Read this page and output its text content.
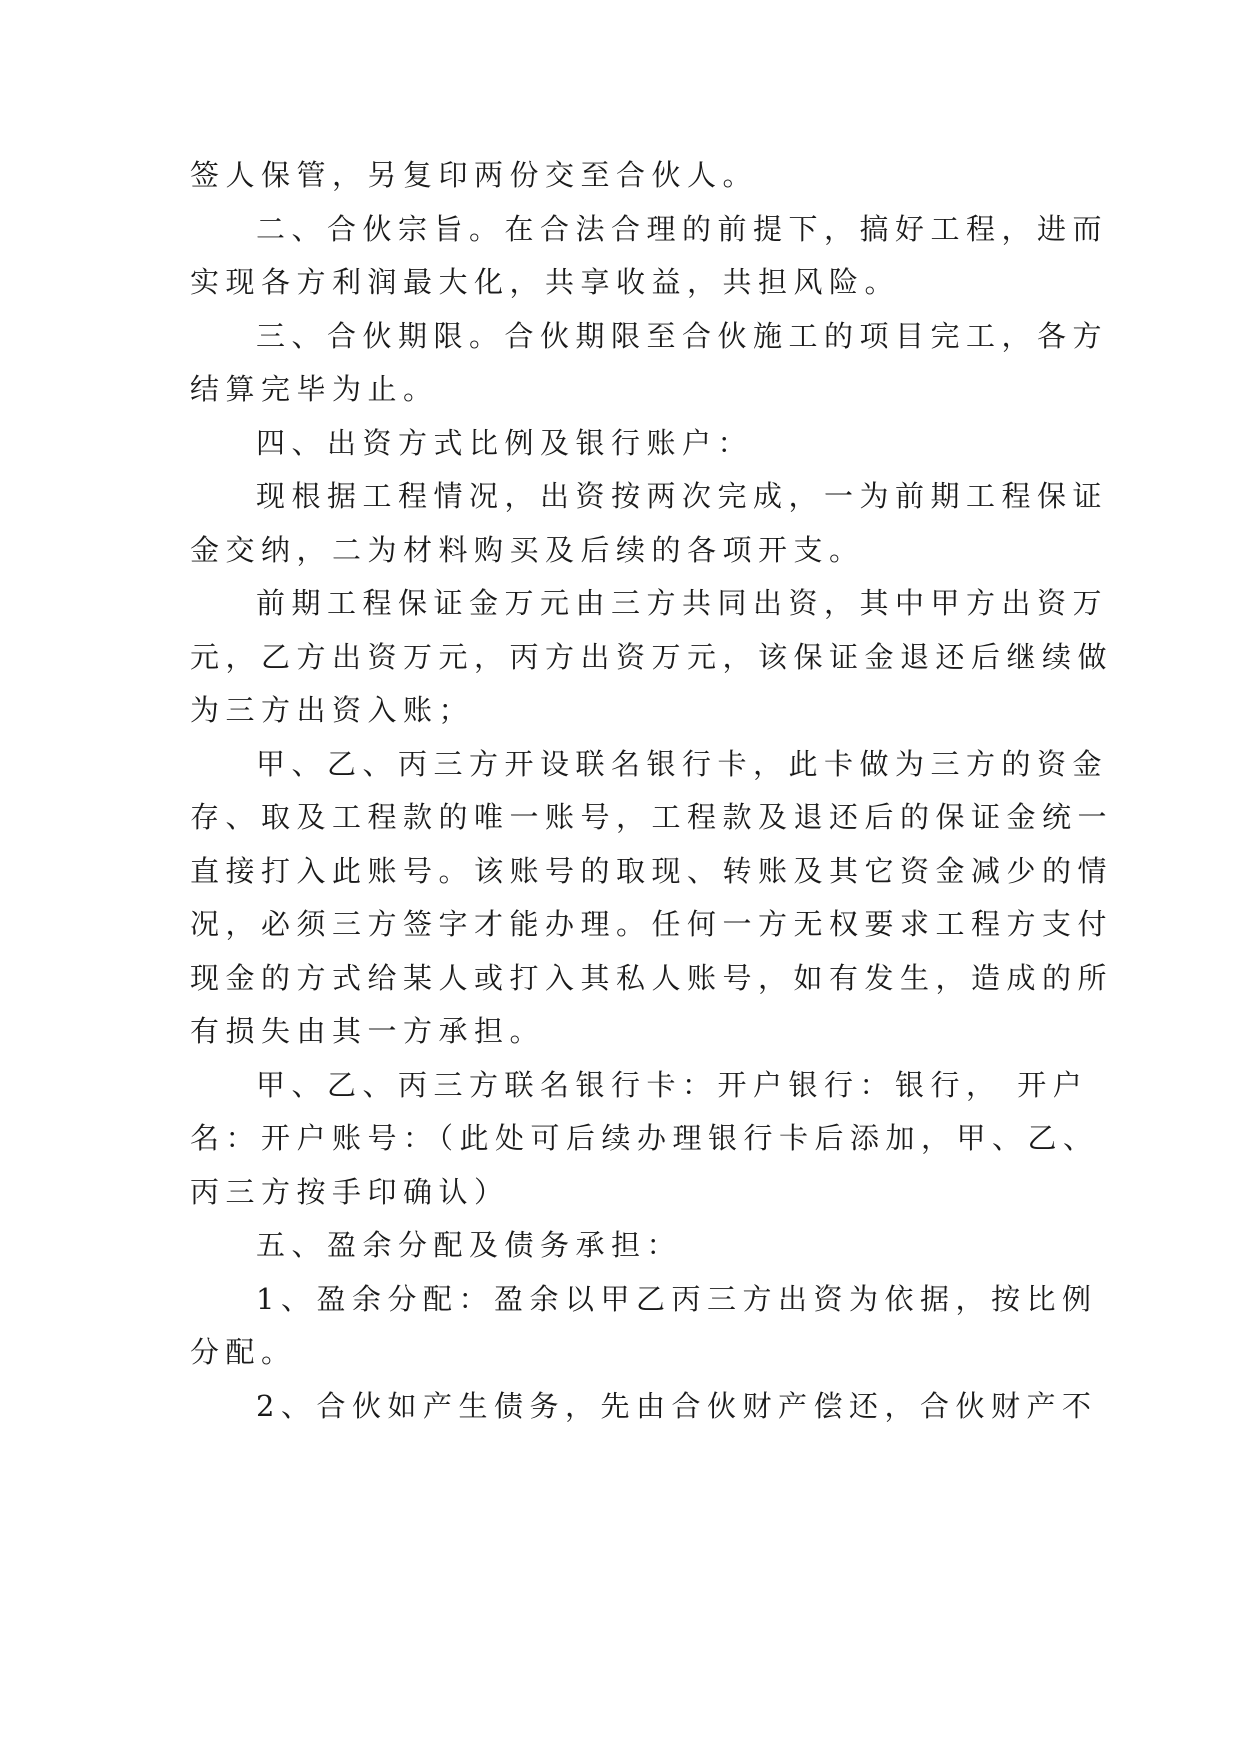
签人保管，另复印两份交至合伙人。
二、合伙宗旨。在合法合理的前提下，搞好工程，进而
实现各方利润最大化，共享收益，共担风险。
三、合伙期限。合伙期限至合伙施工的项目完工，各方
结算完毕为止。
四、出资方式比例及银行账户：
现根据工程情况，出资按两次完成，一为前期工程保证
金交纳，二为材料购买及后续的各项开支。
前期工程保证金万元由三方共同出资，其中甲方出资万
元，乙方出资万元，丙方出资万元，该保证金退还后继续做
为三方出资入账；
甲、乙、丙三方开设联名银行卡，此卡做为三方的资金
存、取及工程款的唯一账号，工程款及退还后的保证金统一
直接打入此账号。该账号的取现、转账及其它资金减少的情
况，必须三方签字才能办理。任何一方无权要求工程方支付
现金的方式给某人或打入其私人账号，如有发生，造成的所
有损失由其一方承担。
甲、乙、丙三方联名银行卡：开户银行：银行， 开户
名：开户账号：（此处可后续办理银行卡后添加，甲、乙、
丙三方按手印确认）
五、盈余分配及债务承担：
1、盈余分配：盈余以甲乙丙三方出资为依据，按比例
分配。
2、合伙如产生债务，先由合伙财产偿还，合伙财产不
